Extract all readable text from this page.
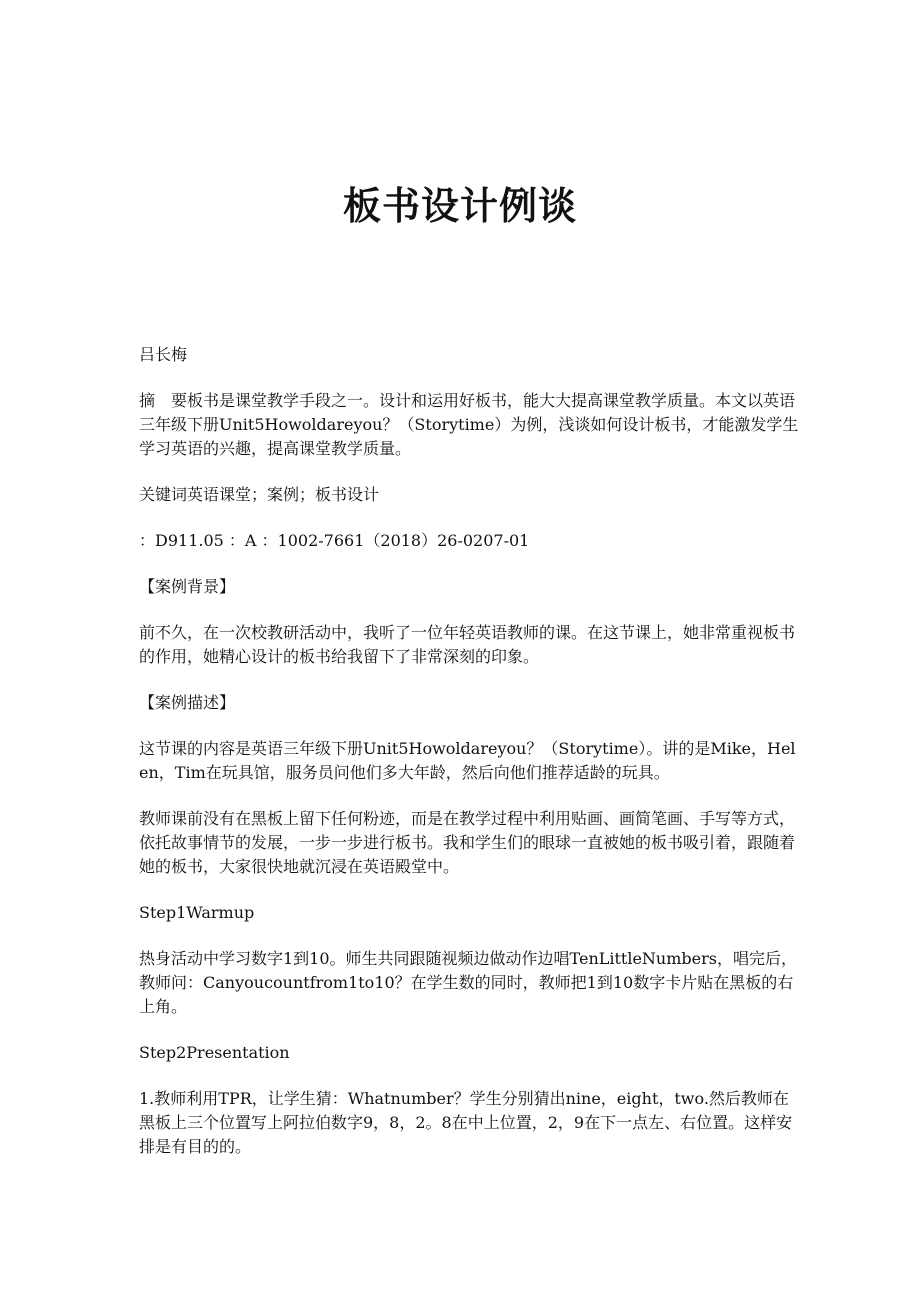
板书设计例谈

吕长梅

摘　要板书是课堂教学手段之一。设计和运用好板书，能大大提高课堂教学质量。本文以英语三年级下册Unit5Howoldareyou？（Storytime）为例，浅谈如何设计板书，才能激发学生学习英语的兴趣，提高课堂教学质量。

关键词英语课堂；案例；板书设计

：D911.05 ：A ：1002-7661（2018）26-0207-01

【案例背景】

前不久，在一次校教研活动中，我听了一位年轻英语教师的课。在这节课上，她非常重视板书的作用，她精心设计的板书给我留下了非常深刻的印象。

【案例描述】

这节课的内容是英语三年级下册Unit5Howoldareyou？（Storytime）。讲的是Mike，Helen，Tim在玩具馆，服务员问他们多大年龄，然后向他们推荐适龄的玩具。

教师课前没有在黑板上留下任何粉迹，而是在教学过程中利用贴画、画简笔画、手写等方式，依托故事情节的发展，一步一步进行板书。我和学生们的眼球一直被她的板书吸引着，跟随着她的板书，大家很快地就沉浸在英语殿堂中。

Step1Warmup

热身活动中学习数字1到10。师生共同跟随视频边做动作边唱TenLittleNumbers，唱完后，教师问：Canyoucountfrom1to10？在学生数的同时，教师把1到10数字卡片贴在黑板的右上角。

Step2Presentation

1.教师利用TPR，让学生猜：Whatnumber？学生分别猜出nine，eight，two.然后教师在黑板上三个位置写上阿拉伯数字9，8，2。8在中上位置，2，9在下一点左、右位置。这样安排是有目的的。
